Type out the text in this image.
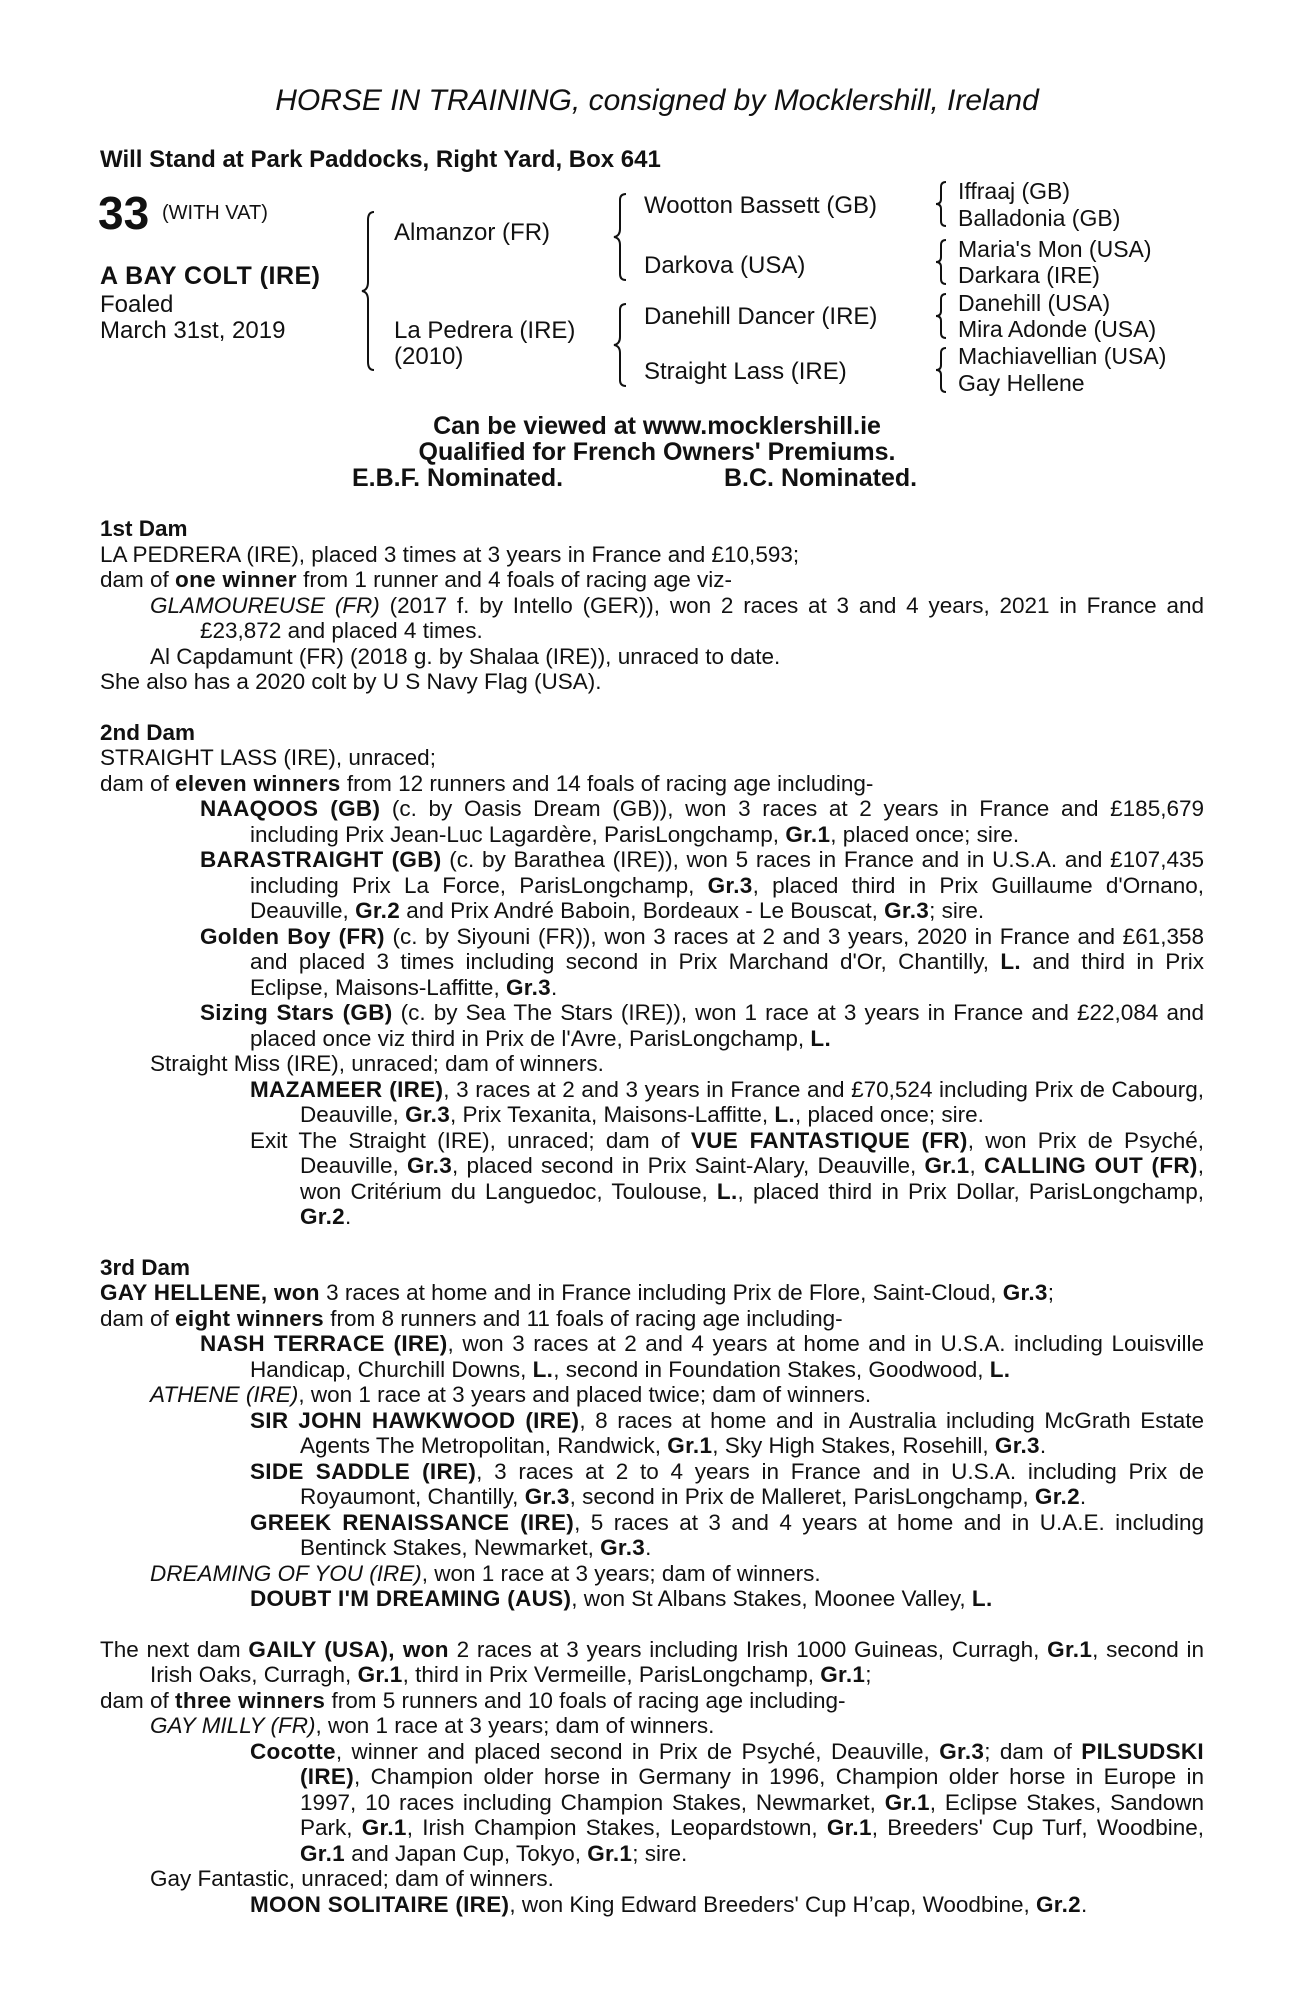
HORSE IN TRAINING, consigned by Mocklershill, Ireland
Will Stand at Park Paddocks, Right Yard, Box 641
33 (WITH VAT)
A BAY COLT (IRE)
Foaled
March 31st, 2019
Almanzor (FR)
La Pedrera (IRE)
(2010)
Wootton Bassett (GB)
Darkova (USA)
Danehill Dancer (IRE)
Straight Lass (IRE)
Iffraaj (GB)
Balladonia (GB)
Maria's Mon (USA)
Darkara (IRE)
Danehill (USA)
Mira Adonde (USA)
Machiavellian (USA)
Gay Hellene
Can be viewed at www.mocklershill.ie
Qualified for French Owners' Premiums.
E.B.F. Nominated.	B.C. Nominated.

1st Dam

LA PEDRERA (IRE), placed 3 times at 3 years in France and £10,593;

dam of one winner from 1 runner and 4 foals of racing age viz-

GLAMOUREUSE (FR) (2017 f. by Intello (GER)), won 2 races at 3 and 4 years, 2021 in France and £23,872 and placed 4 times.

Al Capdamunt (FR) (2018 g. by Shalaa (IRE)), unraced to date.

She also has a 2020 colt by U S Navy Flag (USA).

2nd Dam

STRAIGHT LASS (IRE), unraced;

dam of eleven winners from 12 runners and 14 foals of racing age including-

NAAQOOS (GB) (c. by Oasis Dream (GB)), won 3 races at 2 years in France and £185,679 including Prix Jean-Luc Lagardère, ParisLongchamp, Gr.1, placed once; sire.

BARASTRAIGHT (GB) (c. by Barathea (IRE)), won 5 races in France and in U.S.A. and £107,435 including Prix La Force, ParisLongchamp, Gr.3, placed third in Prix Guillaume d'Ornano, Deauville, Gr.2 and Prix André Baboin, Bordeaux - Le Bouscat, Gr.3; sire.

Golden Boy (FR) (c. by Siyouni (FR)), won 3 races at 2 and 3 years, 2020 in France and £61,358 and placed 3 times including second in Prix Marchand d'Or, Chantilly, L. and third in Prix Eclipse, Maisons-Laffitte, Gr.3.

Sizing Stars (GB) (c. by Sea The Stars (IRE)), won 1 race at 3 years in France and £22,084 and placed once viz third in Prix de l'Avre, ParisLongchamp, L.

Straight Miss (IRE), unraced; dam of winners.

MAZAMEER (IRE), 3 races at 2 and 3 years in France and £70,524 including Prix de Cabourg, Deauville, Gr.3, Prix Texanita, Maisons-Laffitte, L., placed once; sire.

Exit The Straight (IRE), unraced; dam of VUE FANTASTIQUE (FR), won Prix de Psyché, Deauville, Gr.3, placed second in Prix Saint-Alary, Deauville, Gr.1, CALLING OUT (FR), won Critérium du Languedoc, Toulouse, L., placed third in Prix Dollar, ParisLongchamp, Gr.2.

3rd Dam

GAY HELLENE, won 3 races at home and in France including Prix de Flore, Saint-Cloud, Gr.3;

dam of eight winners from 8 runners and 11 foals of racing age including-

NASH TERRACE (IRE), won 3 races at 2 and 4 years at home and in U.S.A. including Louisville Handicap, Churchill Downs, L., second in Foundation Stakes, Goodwood, L.

ATHENE (IRE), won 1 race at 3 years and placed twice; dam of winners.

SIR JOHN HAWKWOOD (IRE), 8 races at home and in Australia including McGrath Estate Agents The Metropolitan, Randwick, Gr.1, Sky High Stakes, Rosehill, Gr.3.

SIDE SADDLE (IRE), 3 races at 2 to 4 years in France and in U.S.A. including Prix de Royaumont, Chantilly, Gr.3, second in Prix de Malleret, ParisLongchamp, Gr.2.

GREEK RENAISSANCE (IRE), 5 races at 3 and 4 years at home and in U.A.E. including Bentinck Stakes, Newmarket, Gr.3.

DREAMING OF YOU (IRE), won 1 race at 3 years; dam of winners.

DOUBT I'M DREAMING (AUS), won St Albans Stakes, Moonee Valley, L.

The next dam GAILY (USA), won 2 races at 3 years including Irish 1000 Guineas, Curragh, Gr.1, second in Irish Oaks, Curragh, Gr.1, third in Prix Vermeille, ParisLongchamp, Gr.1;

dam of three winners from 5 runners and 10 foals of racing age including-

GAY MILLY (FR), won 1 race at 3 years; dam of winners.

Cocotte, winner and placed second in Prix de Psyché, Deauville, Gr.3; dam of PILSUDSKI (IRE), Champion older horse in Germany in 1996, Champion older horse in Europe in 1997, 10 races including Champion Stakes, Newmarket, Gr.1, Eclipse Stakes, Sandown Park, Gr.1, Irish Champion Stakes, Leopardstown, Gr.1, Breeders' Cup Turf, Woodbine, Gr.1 and Japan Cup, Tokyo, Gr.1; sire.

Gay Fantastic, unraced; dam of winners.

MOON SOLITAIRE (IRE), won King Edward Breeders' Cup H’cap, Woodbine, Gr.2.
